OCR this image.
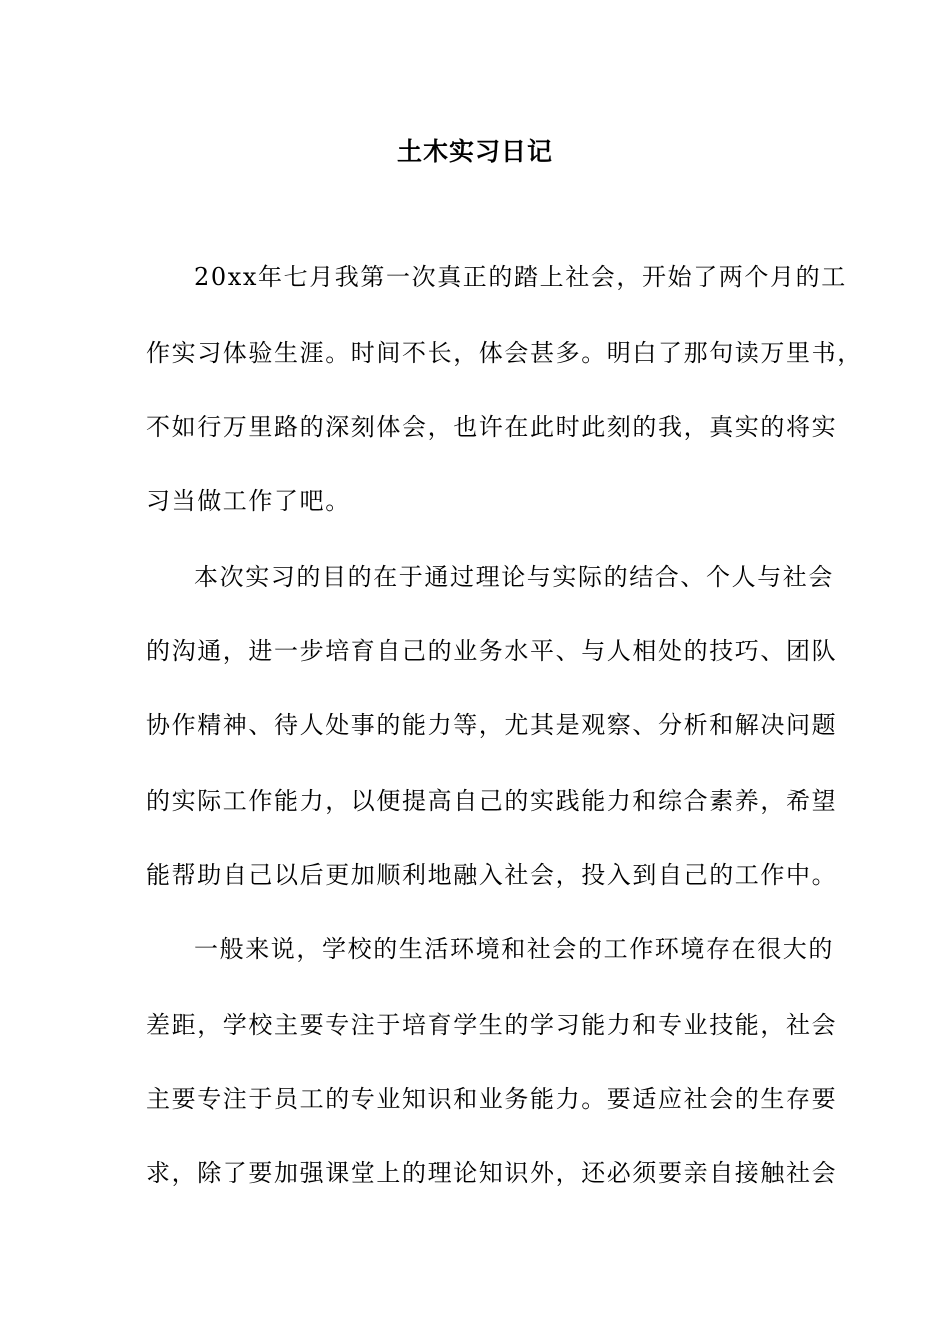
土木实习日记
20xx年七月我第一次真正的踏上社会，开始了两个月的工
作实习体验生涯。时间不长，体会甚多。明白了那句读万里书，
不如行万里路的深刻体会，也许在此时此刻的我，真实的将实
习当做工作了吧。
本次实习的目的在于通过理论与实际的结合、个人与社会
的沟通，进一步培育自己的业务水平、与人相处的技巧、团队
协作精神、待人处事的能力等，尤其是观察、分析和解决问题
的实际工作能力，以便提高自己的实践能力和综合素养，希望
能帮助自己以后更加顺利地融入社会，投入到自己的工作中。
一般来说，学校的生活环境和社会的工作环境存在很大的
差距，学校主要专注于培育学生的学习能力和专业技能，社会
主要专注于员工的专业知识和业务能力。要适应社会的生存要
求，除了要加强课堂上的理论知识外，还必须要亲自接触社会
